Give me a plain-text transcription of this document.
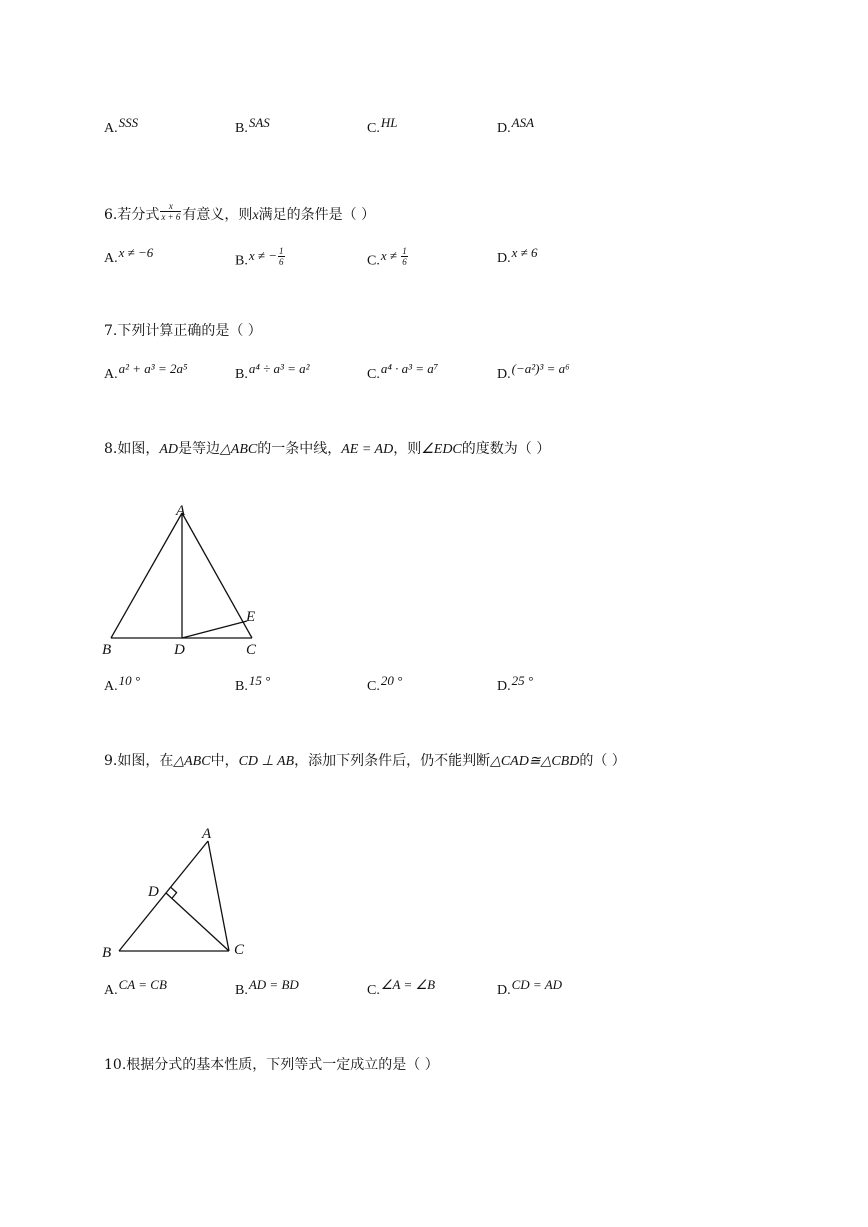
A.SSS	B.SAS	C.HL	D.ASA
6.若分式 $\frac{x}{x + 6}$ 有意义，则x满足的条件是（ ）
A.x ≠ −6
B.x ≠ − $\frac{1}{6}$	$C.x \ne \frac{1}{6}$	D.x ≠ 6
7.下列计算正确的是（ ）
A.a² + a³ = 2a⁵	B.a⁴ ÷ a³ = a²	C.a⁴ · a³ = a⁷	D.(−a²)³ = a⁶
8.如图，AD是等边△ABC的一条中线，AE = AD，则∠EDC的度数为（ ）
A
B	C
D
E
A.10 °	B.15 °	C.20 °	D.25 °
9.如图，在△ABC中，CD ⊥ AB，添加下列条件后，仍不能判断△CAD≅△CBD的（ ）
A
B	C
D
A.CA = CB	B.AD = BD	C.∠A = ∠B	D.CD = AD
10.根据分式的基本性质，下列等式一定成立的是（ ）
